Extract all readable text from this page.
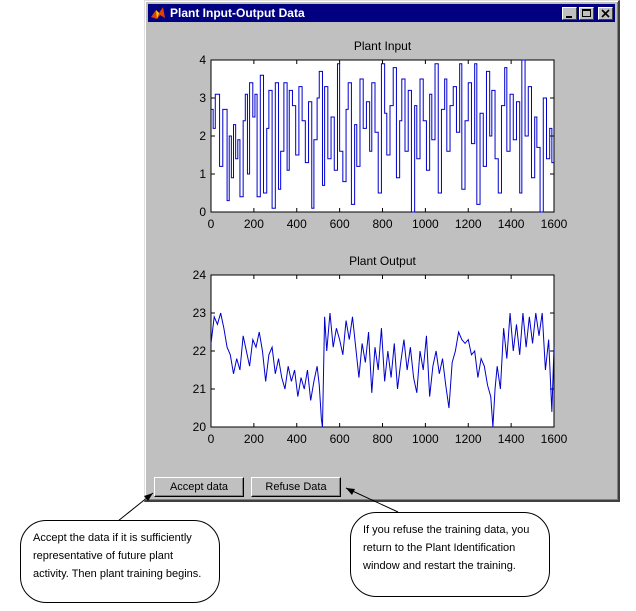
Plant Input-Output Data
Accept data	Refuse Data
Plant Input
0 200 400 600 800 1000 1200 1400 1600
0
1
2
3
4
Plant Output
0 200 400 600 800 1000 1200 1400 1600
20
21
22
23
24
Accept the data if it is sufficiently representative of future plant activity. Then plant training begins.
If you refuse the training data, you return to the Plant Identification window and restart the training.
